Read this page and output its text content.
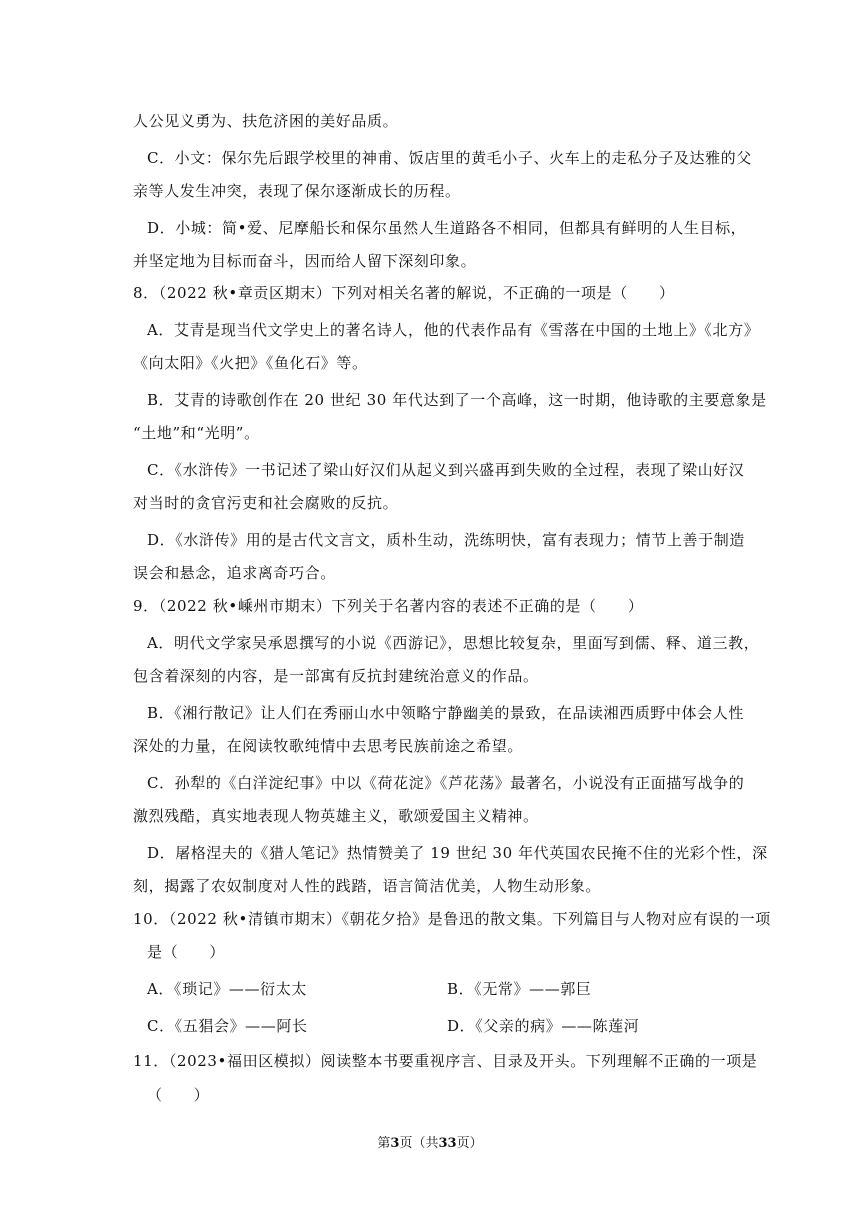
人公见义勇为、扶危济困的美好品质。
C．小文：保尔先后跟学校里的神甫、饭店里的黄毛小子、火车上的走私分子及达雅的父
亲等人发生冲突，表现了保尔逐渐成长的历程。
D．小城：简•爱、尼摩船长和保尔虽然人生道路各不相同，但都具有鲜明的人生目标，
并坚定地为目标而奋斗，因而给人留下深刻印象。
8．（2022 秋•章贡区期末）下列对相关名著的解说，不正确的一项是（　　）
A．艾青是现当代文学史上的著名诗人，他的代表作品有《雪落在中国的土地上》《北方》
《向太阳》《火把》《鱼化石》等。
B．艾青的诗歌创作在 20 世纪 30 年代达到了一个高峰，这一时期，他诗歌的主要意象是
“土地”和“光明”。
C．《水浒传》一书记述了梁山好汉们从起义到兴盛再到失败的全过程，表现了梁山好汉
对当时的贪官污吏和社会腐败的反抗。
D．《水浒传》用的是古代文言文，质朴生动，洗练明快，富有表现力；情节上善于制造
误会和悬念，追求离奇巧合。
9．（2022 秋•嵊州市期末）下列关于名著内容的表述不正确的是（　　）
A．明代文学家吴承恩撰写的小说《西游记》，思想比较复杂，里面写到儒、释、道三教，
包含着深刻的内容，是一部寓有反抗封建统治意义的作品。
B．《湘行散记》让人们在秀丽山水中领略宁静幽美的景致，在品读湘西质野中体会人性
深处的力量，在阅读牧歌纯情中去思考民族前途之希望。
C．孙犁的《白洋淀纪事》中以《荷花淀》《芦花荡》最著名，小说没有正面描写战争的
激烈残酷，真实地表现人物英雄主义，歌颂爱国主义精神。
D．屠格涅夫的《猎人笔记》热情赞美了 19 世纪 30 年代英国农民掩不住的光彩个性，深
刻，揭露了农奴制度对人性的践踏，语言简洁优美，人物生动形象。
10．（2022 秋•清镇市期末）《朝花夕拾》是鲁迅的散文集。下列篇目与人物对应有误的一项
是（　　）
A．《琐记》——衍太太	B．《无常》——郭巨
C．《五猖会》——阿长	D．《父亲的病》——陈莲河
11．（2023•福田区模拟）阅读整本书要重视序言、目录及开头。下列理解不正确的一项是
（　　）
第3页（共33页）
